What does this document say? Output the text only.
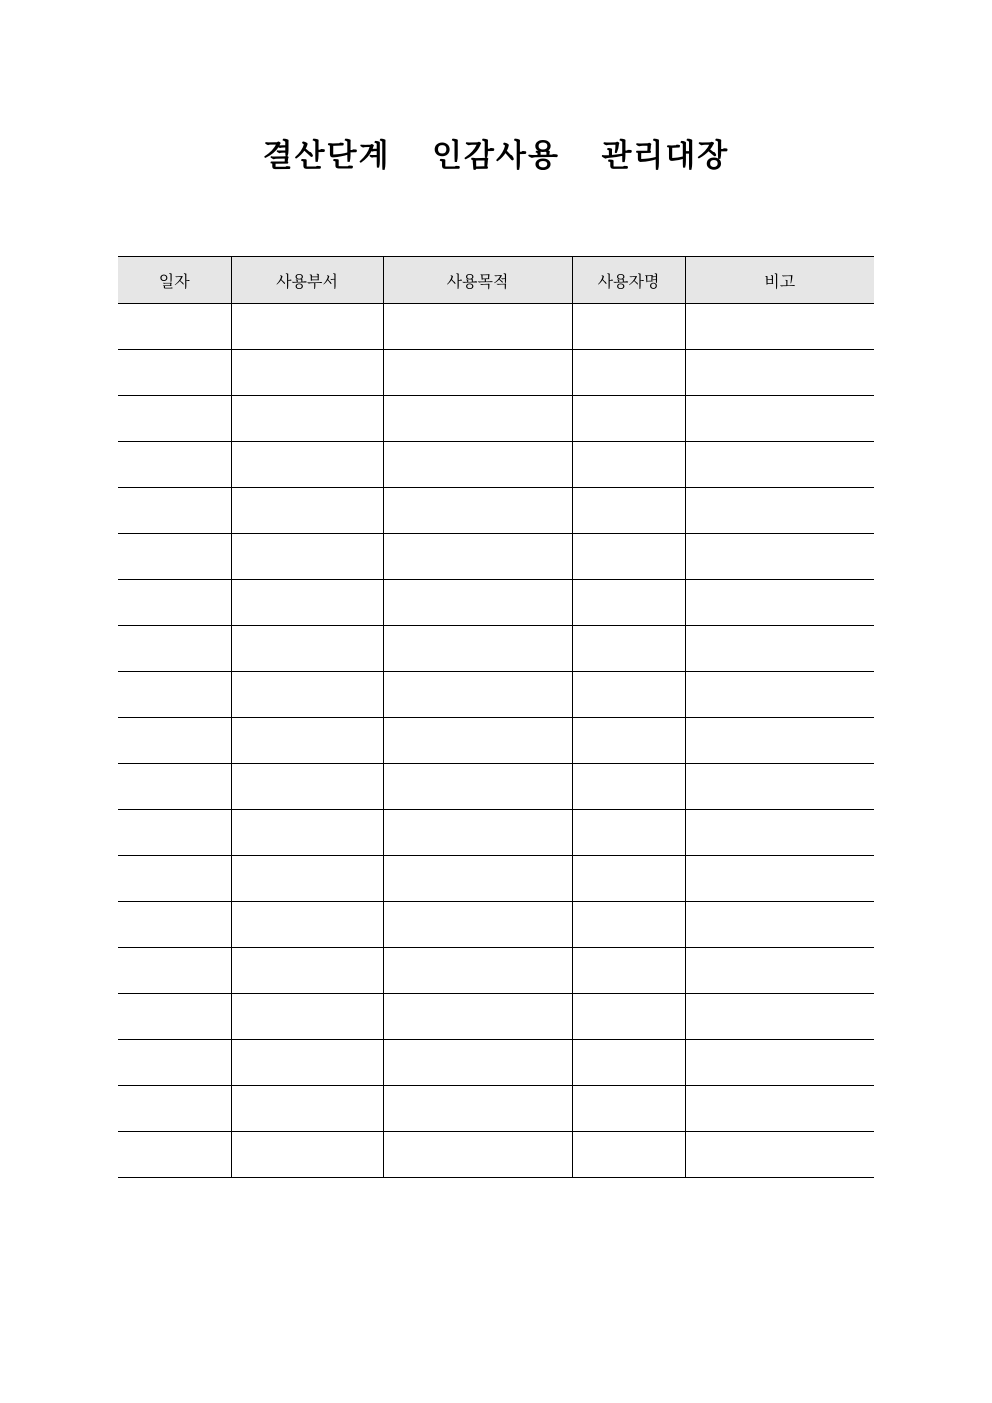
결산단계  인감사용  관리대장
일자	사용부서	사용목적	사용자명	비고
